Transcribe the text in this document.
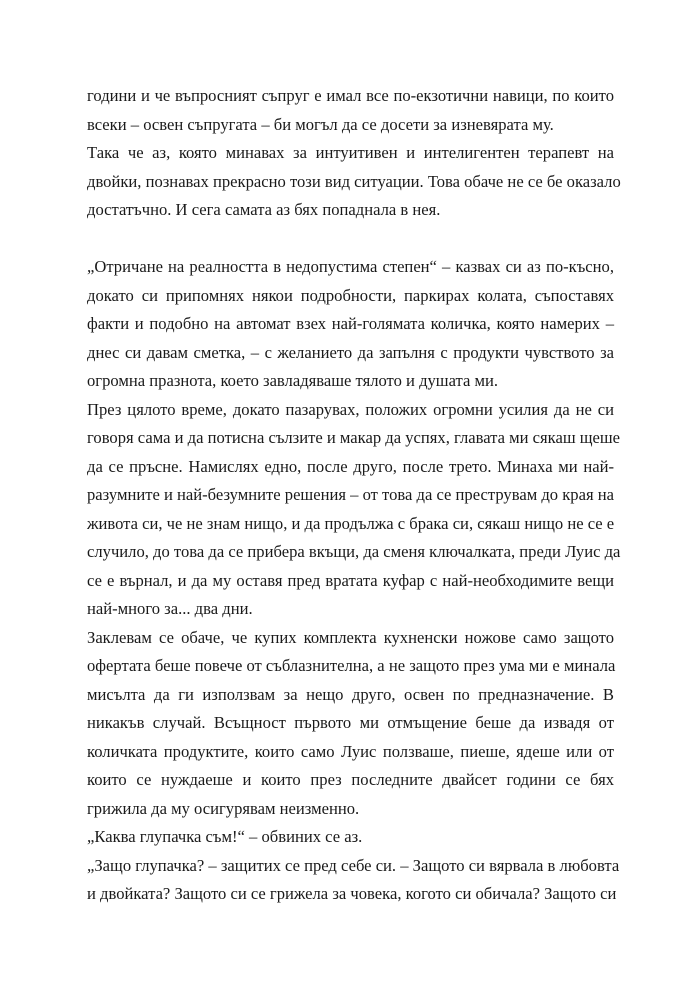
години и че въпросният съпруг е имал все по-екзотични навици, по които
всеки – освен съпругата – би могъл да се досети за изневярата му.
Така че аз, която минавах за интуитивен и интелигентен терапевт на
двойки, познавах прекрасно този вид ситуации. Това обаче не се бе оказало
достатъчно. И сега самата аз бях попаднала в нея.

„Отричане на реалността в недопустима степен“ – казвах си аз по-късно,
докато си припомнях някои подробности, паркирах колата, съпоставях
факти и подобно на автомат взех най-голямата количка, която намерих –
днес си давам сметка, – с желанието да запълня с продукти чувството за
огромна празнота, което завладяваше тялото и душата ми.
През цялото време, докато пазарувах, положих огромни усилия да не си
говоря сама и да потисна сълзите и макар да успях, главата ми сякаш щеше
да се пръсне. Намислях едно, после друго, после трето. Минаха ми най-
разумните и най-безумните решения – от това да се преструвам до края на
живота си, че не знам нищо, и да продължа с брака си, сякаш нищо не се е
случило, до това да се прибера вкъщи, да сменя ключалката, преди Луис да
се е върнал, и да му оставя пред вратата куфар с най-необходимите вещи
най-много за... два дни.
Заклевам се обаче, че купих комплекта кухненски ножове само защото
офертата беше повече от съблазнителна, а не защото през ума ми е минала
мисълта да ги използвам за нещо друго, освен по предназначение. В
никакъв случай. Всъщност първото ми отмъщение беше да извадя от
количката продуктите, които само Луис ползваше, пиеше, ядеше или от
които се нуждаеше и които през последните двайсет години се бях
грижила да му осигурявам неизменно.
„Каква глупачка съм!“ – обвиних се аз.
„Защо глупачка? – защитих се пред себе си. – Защото си вярвала в любовта
и двойката? Защото си се грижела за човека, когото си обичала? Защото си
